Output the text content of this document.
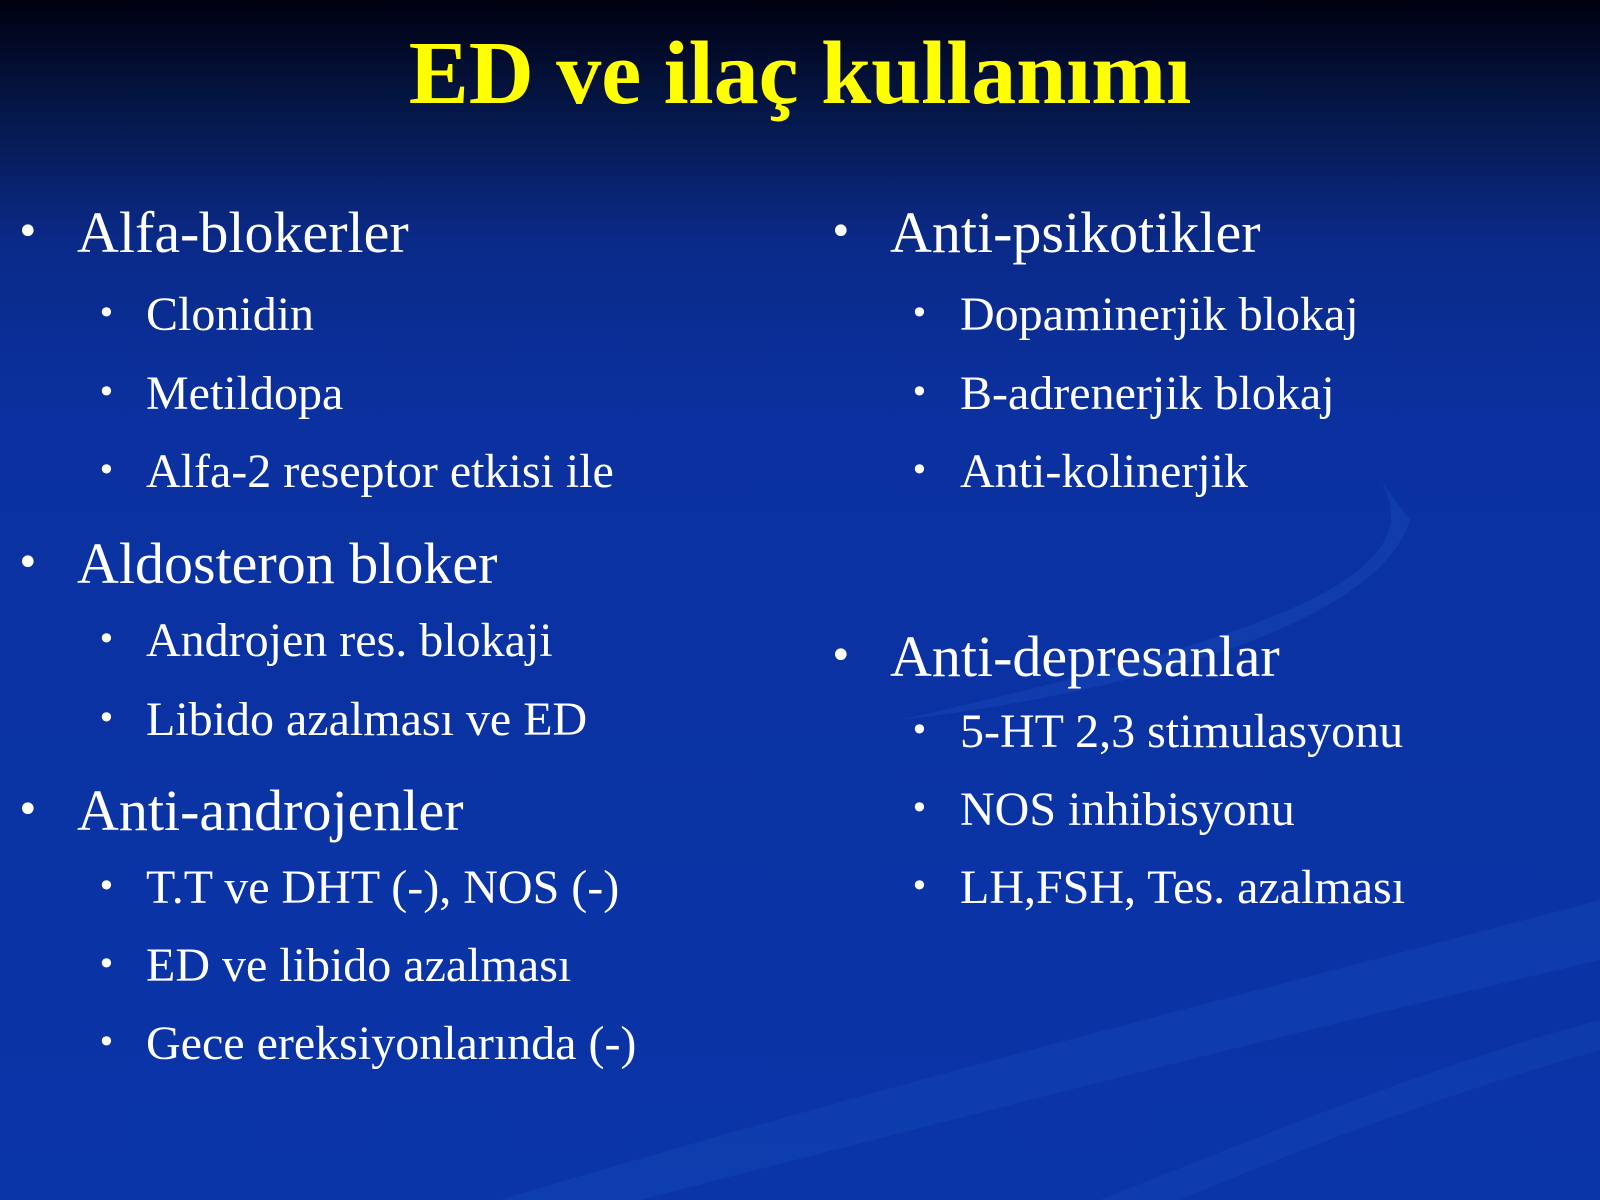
ED ve ilaç kullanımı
• Alfa-blokerler
• Clonidin
• Metildopa
• Alfa-2 reseptor etkisi ile
• Aldosteron bloker
• Androjen res. blokaji
• Libido azalması ve ED
• Anti-androjenler
• T.T ve DHT (-), NOS (-)
• ED ve libido azalması
• Gece ereksiyonlarında (-)
• Anti-psikotikler
• Dopaminerjik blokaj
• B-adrenerjik blokaj
• Anti-kolinerjik
• Anti-depresanlar
• 5-HT 2,3 stimulasyonu
• NOS inhibisyonu
• LH,FSH, Tes. azalması
